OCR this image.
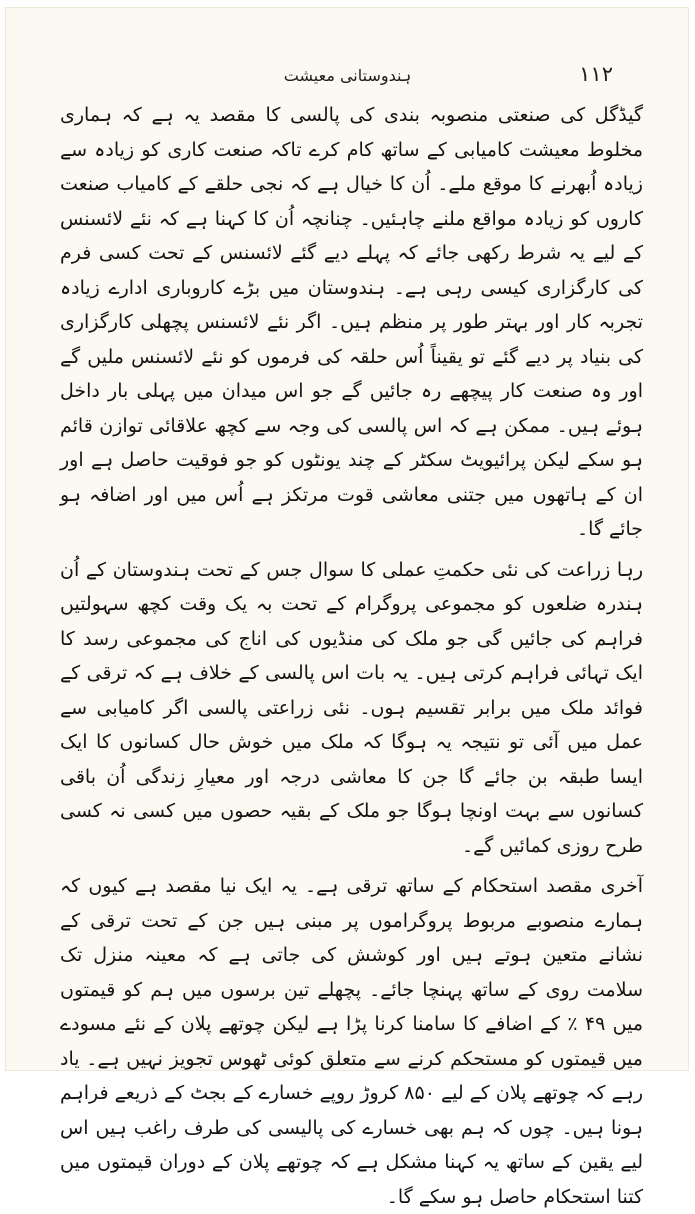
۱۱۲
ہندوستانی معیشت

گیڈگل کی صنعتی منصوبہ بندی کی پالسی کا مقصد یہ ہے کہ ہماری مخلوط معیشت کامیابی کے ساتھ کام کرے تاکہ صنعت کاری کو زیادہ سے زیادہ اُبھرنے کا موقع ملے۔ اُن کا خیال ہے کہ نجی حلقے کے کامیاب صنعت کاروں کو زیادہ مواقع ملنے چاہئیں۔ چنانچہ اُن کا کہنا ہے کہ نئے لائسنس کے لیے یہ شرط رکھی جائے کہ پہلے دیے گئے لائسنس کے تحت کسی فرم کی کارگزاری کیسی رہی ہے۔ ہندوستان میں بڑے کاروباری ادارے زیادہ تجربہ کار اور بہتر طور پر منظم ہیں۔ اگر نئے لائسنس پچھلی کارگزاری کی بنیاد پر دیے گئے تو یقیناً اُس حلقہ کی فرموں کو نئے لائسنس ملیں گے اور وہ صنعت کار پیچھے رہ جائیں گے جو اس میدان میں پہلی بار داخل ہوئے ہیں۔ ممکن ہے کہ اس پالسی کی وجہ سے کچھ علاقائی توازن قائم ہو سکے لیکن پرائیویٹ سکٹر کے چند یونٹوں کو جو فوقیت حاصل ہے اور ان کے ہاتھوں میں جتنی معاشی قوت مرتکز ہے اُس میں اور اضافہ ہو جائے گا۔

رہا زراعت کی نئی حکمتِ عملی کا سوال جس کے تحت ہندوستان کے اُن ہندرہ ضلعوں کو مجموعی پروگرام کے تحت بہ یک وقت کچھ سہولتیں فراہم کی جائیں گی جو ملک کی منڈیوں کی اناج کی مجموعی رسد کا ایک تہائی فراہم کرتی ہیں۔ یہ بات اس پالسی کے خلاف ہے کہ ترقی کے فوائد ملک میں برابر تقسیم ہوں۔ نئی زراعتی پالسی اگر کامیابی سے عمل میں آئی تو نتیجہ یہ ہوگا کہ ملک میں خوش حال کسانوں کا ایک ایسا طبقہ بن جائے گا جن کا معاشی درجہ اور معیارِ زندگی اُن باقی کسانوں سے بہت اونچا ہوگا جو ملک کے بقیہ حصوں میں کسی نہ کسی طرح روزی کمائیں گے۔

آخری مقصد استحکام کے ساتھ ترقی ہے۔ یہ ایک نیا مقصد ہے کیوں کہ ہمارے منصوبے مربوط پروگراموں پر مبنی ہیں جن کے تحت ترقی کے نشانے متعین ہوتے ہیں اور کوشش کی جاتی ہے کہ معینہ منزل تک سلامت روی کے ساتھ پہنچا جائے۔ پچھلے تین برسوں میں ہم کو قیمتوں میں ۴۹ ٪ کے اضافے کا سامنا کرنا پڑا ہے لیکن چوتھے پلان کے نئے مسودے میں قیمتوں کو مستحکم کرنے سے متعلق کوئی ٹھوس تجویز نہیں ہے۔ یاد رہے کہ چوتھے پلان کے لیے ۸۵۰ کروڑ روپے خسارے کے بجٹ کے ذریعے فراہم ہونا ہیں۔ چوں کہ ہم بھی خسارے کی پالیسی کی طرف راغب ہیں اس لیے یقین کے ساتھ یہ کہنا مشکل ہے کہ چوتھے پلان کے دوران قیمتوں میں کتنا استحکام حاصل ہو سکے گا۔
